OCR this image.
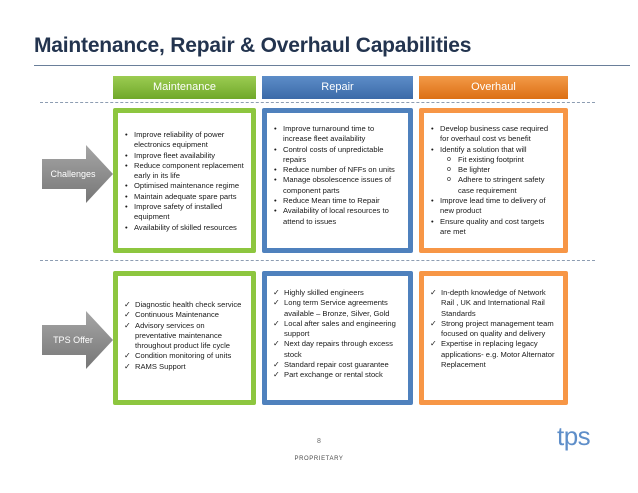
Maintenance, Repair & Overhaul Capabilities
Maintenance	Repair	Overhaul
Challenges
TPS Offer
• Improve reliability of power electronics equipment
• Improve fleet availability
• Reduce component replacement early in its life
• Optimised maintenance regime
• Maintain adequate spare parts
• Improve safety of installed equipment
• Availability of skilled resources
• Improve turnaround time to increase fleet availability
• Control costs of unpredictable repairs
• Reduce number of NFFs on units
• Manage obsolescence issues of component parts
• Reduce Mean time to Repair
• Availability of local resources to attend to issues
• Develop business case required for overhaul cost vs benefit
• Identify a solution that will
o Fit existing footprint
o Be lighter
o Adhere to stringent safety case requirement
• Improve lead time to delivery of new product
• Ensure quality and cost targets are met
✓ Diagnostic health check service
✓ Continuous Maintenance
✓ Advisory services on preventative maintenance throughout product life cycle
✓ Condition monitoring of units
✓ RAMS Support
✓ Highly skilled engineers
✓ Long term Service agreements available – Bronze, Silver, Gold
✓ Local after sales and engineering support
✓ Next day repairs through excess stock
✓ Standard repair cost guarantee
✓ Part exchange or rental stock
✓ In-depth knowledge of Network Rail , UK and International Rail Standards
✓ Strong project management team focused on quality and delivery
✓ Expertise in replacing legacy applications- e.g. Motor Alternator Replacement
8
PROPRIETARY
tps
